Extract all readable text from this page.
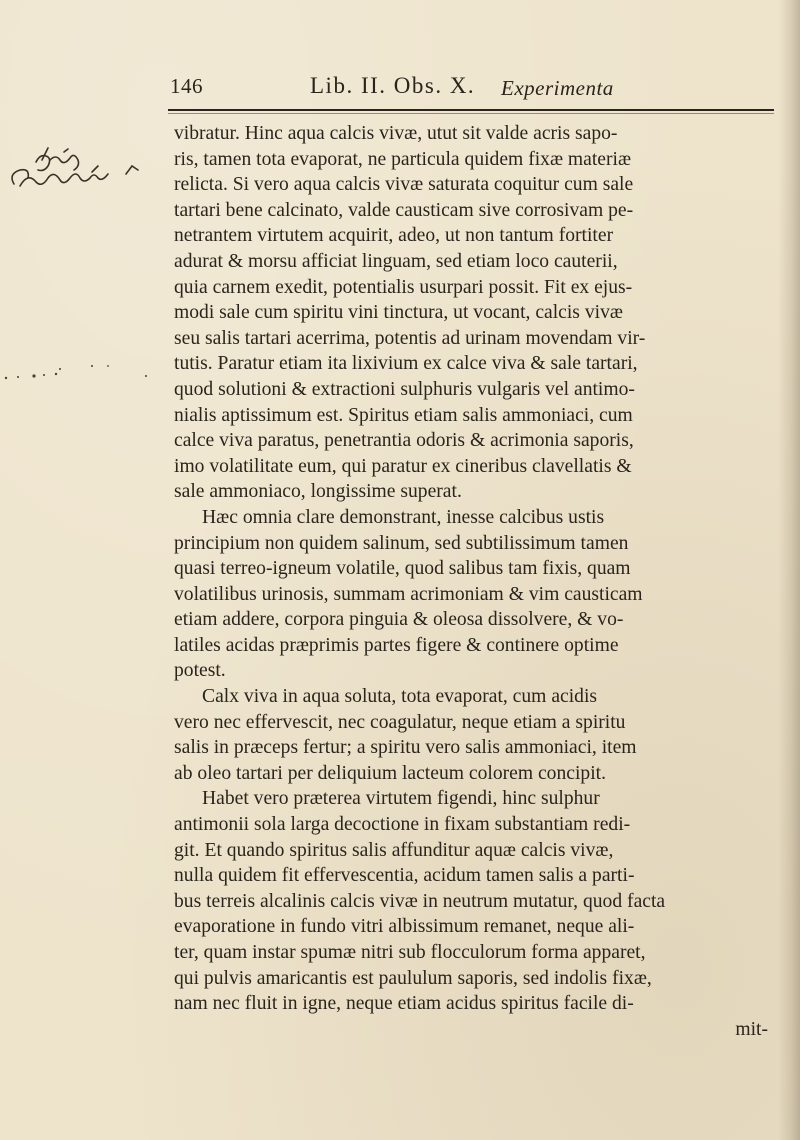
146	Lib. II. Obs. X. Experimenta
vibratur. Hinc aqua calcis vivæ, utut sit valde acris sapo-
ris, tamen tota evaporat, ne particula quidem fixæ materiæ
relicta. Si vero aqua calcis vivæ saturata coquitur cum sale
tartari bene calcinato, valde causticam sive corrosivam pe-
netrantem virtutem acquirit, adeo, ut non tantum fortiter
adurat & morsu afficiat linguam, sed etiam loco cauterii,
quia carnem exedit, potentialis usurpari possit. Fit ex ejus-
modi sale cum spiritu vini tinctura, ut vocant, calcis vivæ
seu salis tartari acerrima, potentis ad urinam movendam vir-
tutis. Paratur etiam ita lixivium ex calce viva & sale tartari,
quod solutioni & extractioni sulphuris vulgaris vel antimo-
nialis aptissimum est. Spiritus etiam salis ammoniaci, cum
calce viva paratus, penetrantia odoris & acrimonia saporis,
imo volatilitate eum, qui paratur ex cineribus clavellatis &
sale ammoniaco, longissime superat.
Hæc omnia clare demonstrant, inesse calcibus ustis
principium non quidem salinum, sed subtilissimum tamen
quasi terreo-igneum volatile, quod salibus tam fixis, quam
volatilibus urinosis, summam acrimoniam & vim causticam
etiam addere, corpora pinguia & oleosa dissolvere, & vo-
latiles acidas præprimis partes figere & continere optime
potest.
Calx viva in aqua soluta, tota evaporat, cum acidis
vero nec effervescit, nec coagulatur, neque etiam a spiritu
salis in præceps fertur; a spiritu vero salis ammoniaci, item
ab oleo tartari per deliquium lacteum colorem concipit.
Habet vero præterea virtutem figendi, hinc sulphur
antimonii sola larga decoctione in fixam substantiam redi-
git. Et quando spiritus salis affunditur aquæ calcis vivæ,
nulla quidem fit effervescentia, acidum tamen salis a parti-
bus terreis alcalinis calcis vivæ in neutrum mutatur, quod facta
evaporatione in fundo vitri albissimum remanet, neque ali-
ter, quam instar spumæ nitri sub flocculorum forma apparet,
qui pulvis amaricantis est paululum saporis, sed indolis fixæ,
nam nec fluit in igne, neque etiam acidus spiritus facile di-
mit-
